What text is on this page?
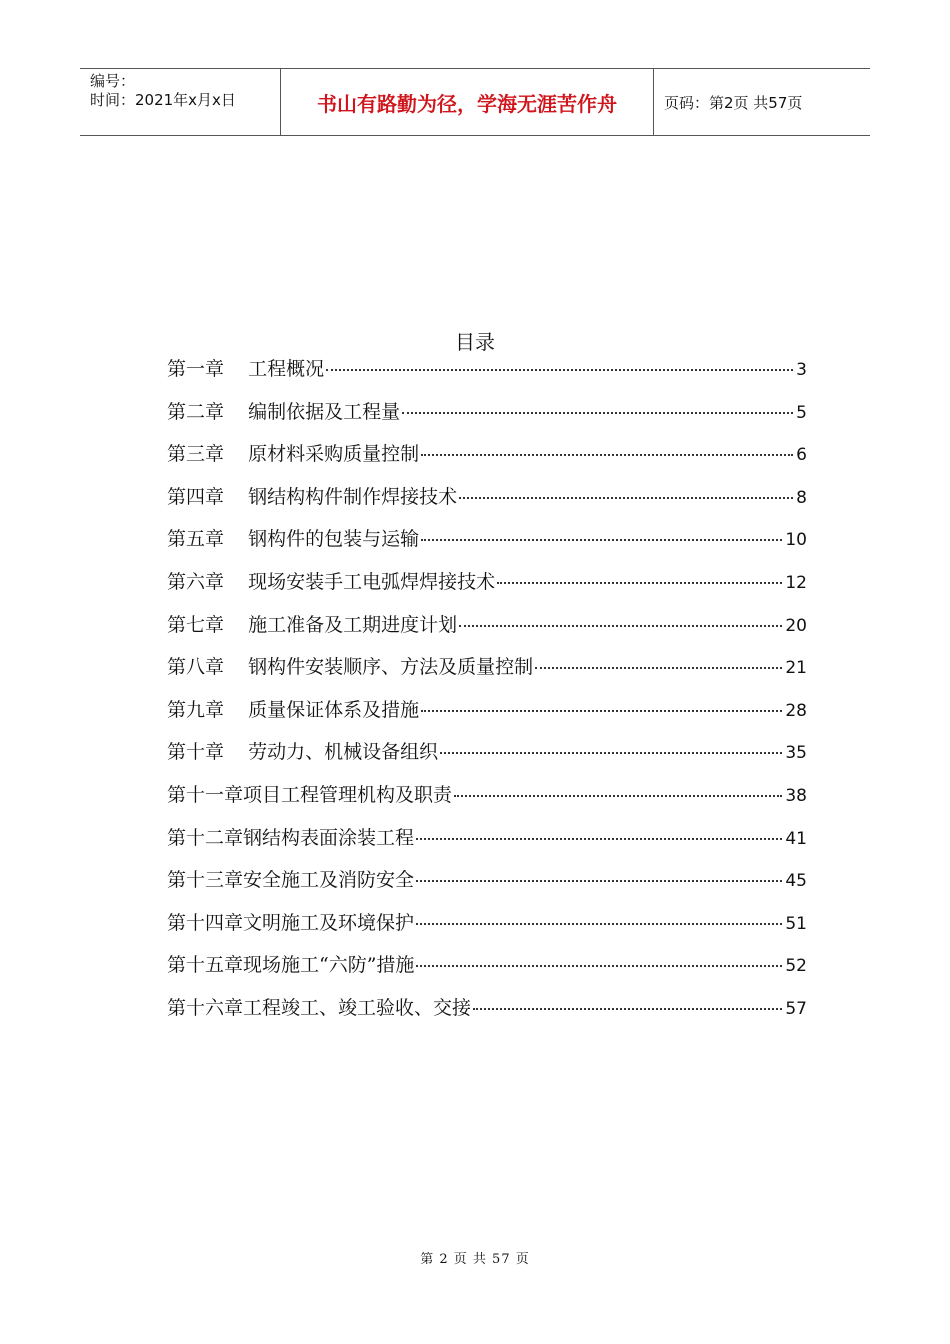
编号：
时间：2021年x月x日	书山有路勤为径，学海无涯苦作舟	页码：第2页 共57页
目录
第一章    工程概况	3
第二章    编制依据及工程量	5
第三章    原材料采购质量控制	6
第四章    钢结构构件制作焊接技术	8
第五章    钢构件的包装与运输	10
第六章    现场安装手工电弧焊焊接技术	12
第七章    施工准备及工期进度计划	20
第八章    钢构件安装顺序、方法及质量控制	21
第九章    质量保证体系及措施	28
第十章    劳动力、机械设备组织	35
第十一章项目工程管理机构及职责	38
第十二章钢结构表面涂装工程	41
第十三章安全施工及消防安全	45
第十四章文明施工及环境保护	51
第十五章现场施工“六防”措施	52
第十六章工程竣工、竣工验收、交接	57
第 2 页 共 57 页
